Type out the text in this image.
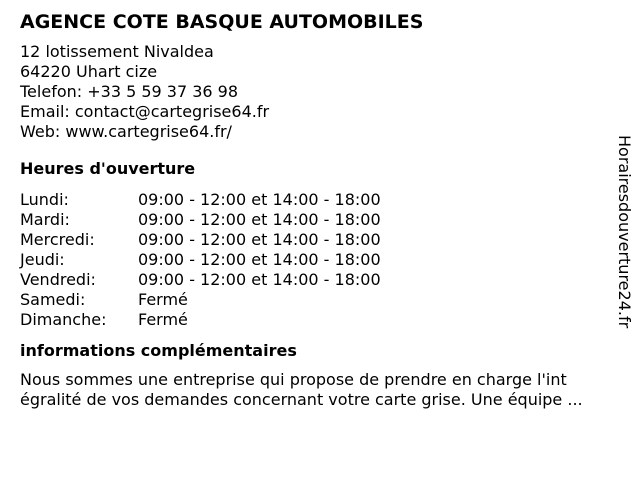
AGENCE COTE BASQUE AUTOMOBILES
12 lotissement Nivaldea
64220 Uhart cize
Telefon: +33 5 59 37 36 98
Email: contact@cartegrise64.fr
Web: www.cartegrise64.fr/
Heures d'ouverture
Lundi:	09:00 - 12:00 et 14:00 - 18:00
Mardi:	09:00 - 12:00 et 14:00 - 18:00
Mercredi:	09:00 - 12:00 et 14:00 - 18:00
Jeudi:	09:00 - 12:00 et 14:00 - 18:00
Vendredi:	09:00 - 12:00 et 14:00 - 18:00
Samedi:	Fermé
Dimanche:	Fermé
informations complémentaires
Nous sommes une entreprise qui propose de prendre en charge l'int
égralité de vos demandes concernant votre carte grise. Une équipe ...
Horairesdouverture24.fr
